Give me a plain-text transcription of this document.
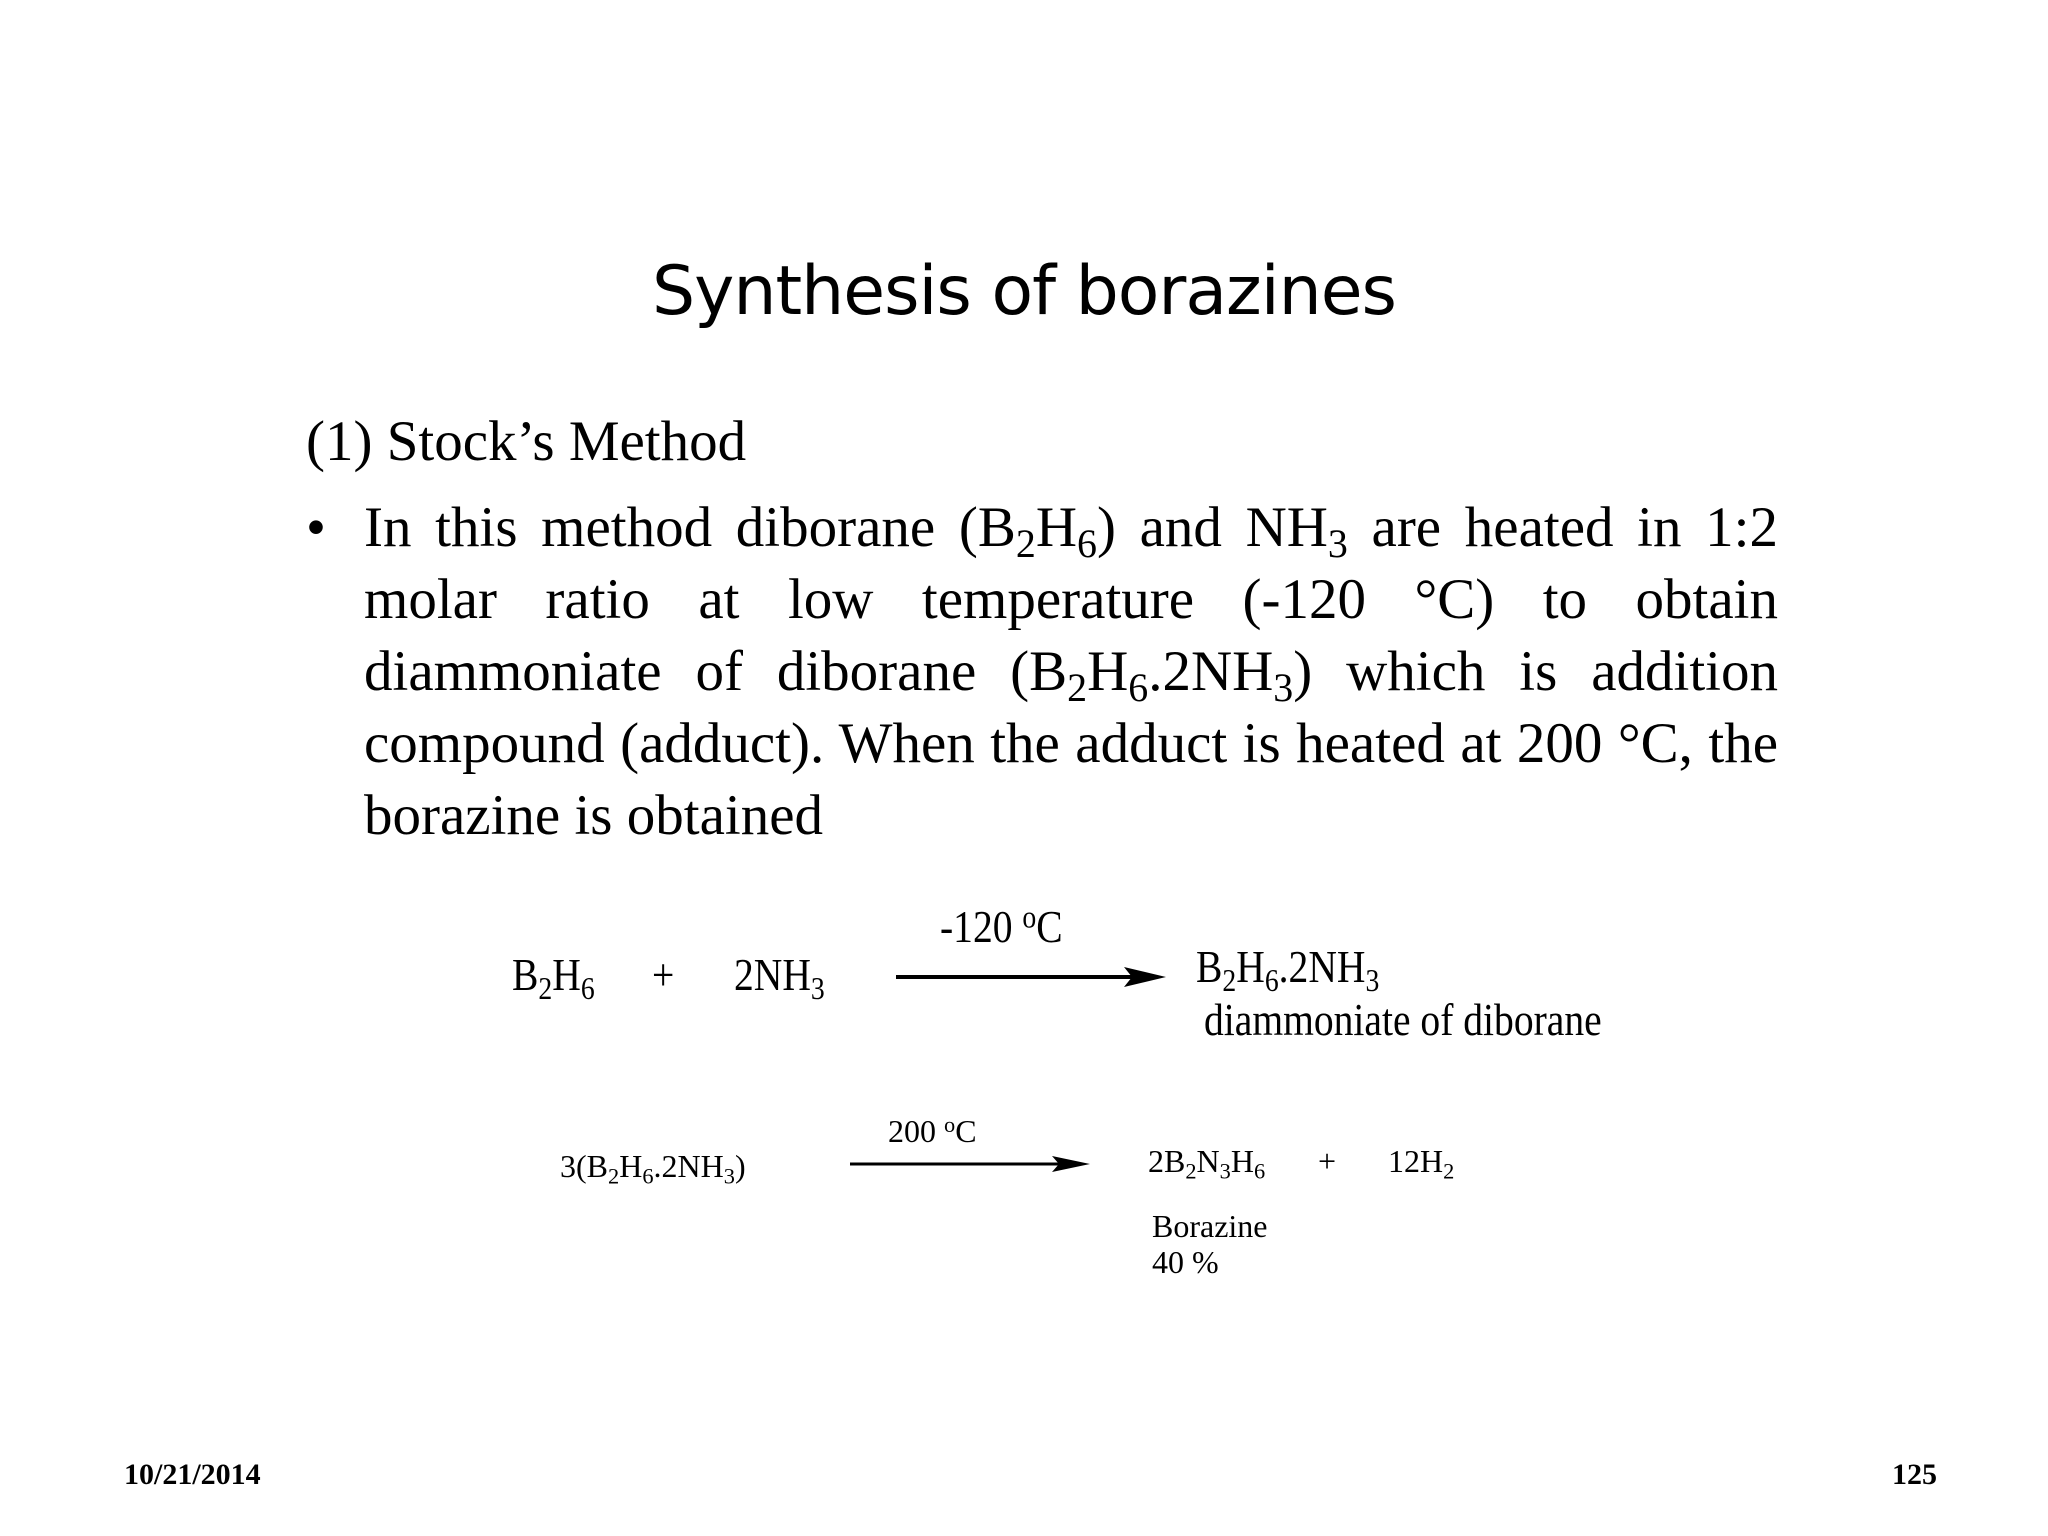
Synthesis of borazines
(1) Stock’s Method
• In this method diborane $(B_2H_6)$ and $NH_3$ are heated in 1:2 molar ratio at low temperature (-120 °C) to obtain diammoniate of diborane $(B_2H_6.2NH_3)$ which is addition compound (adduct). When the adduct is heated at 200 °C, the borazine is obtained
$B_2H_6 + 2NH_3$
-120 $^o$C
$B_2H_6.2NH_3$
diammoniate of diborane
$3(B_2H_6.2NH_3)$
200 $^o$C
$2B_2N_3H_6 + 12H_2$
Borazine
40 %
10/21/2014	125
